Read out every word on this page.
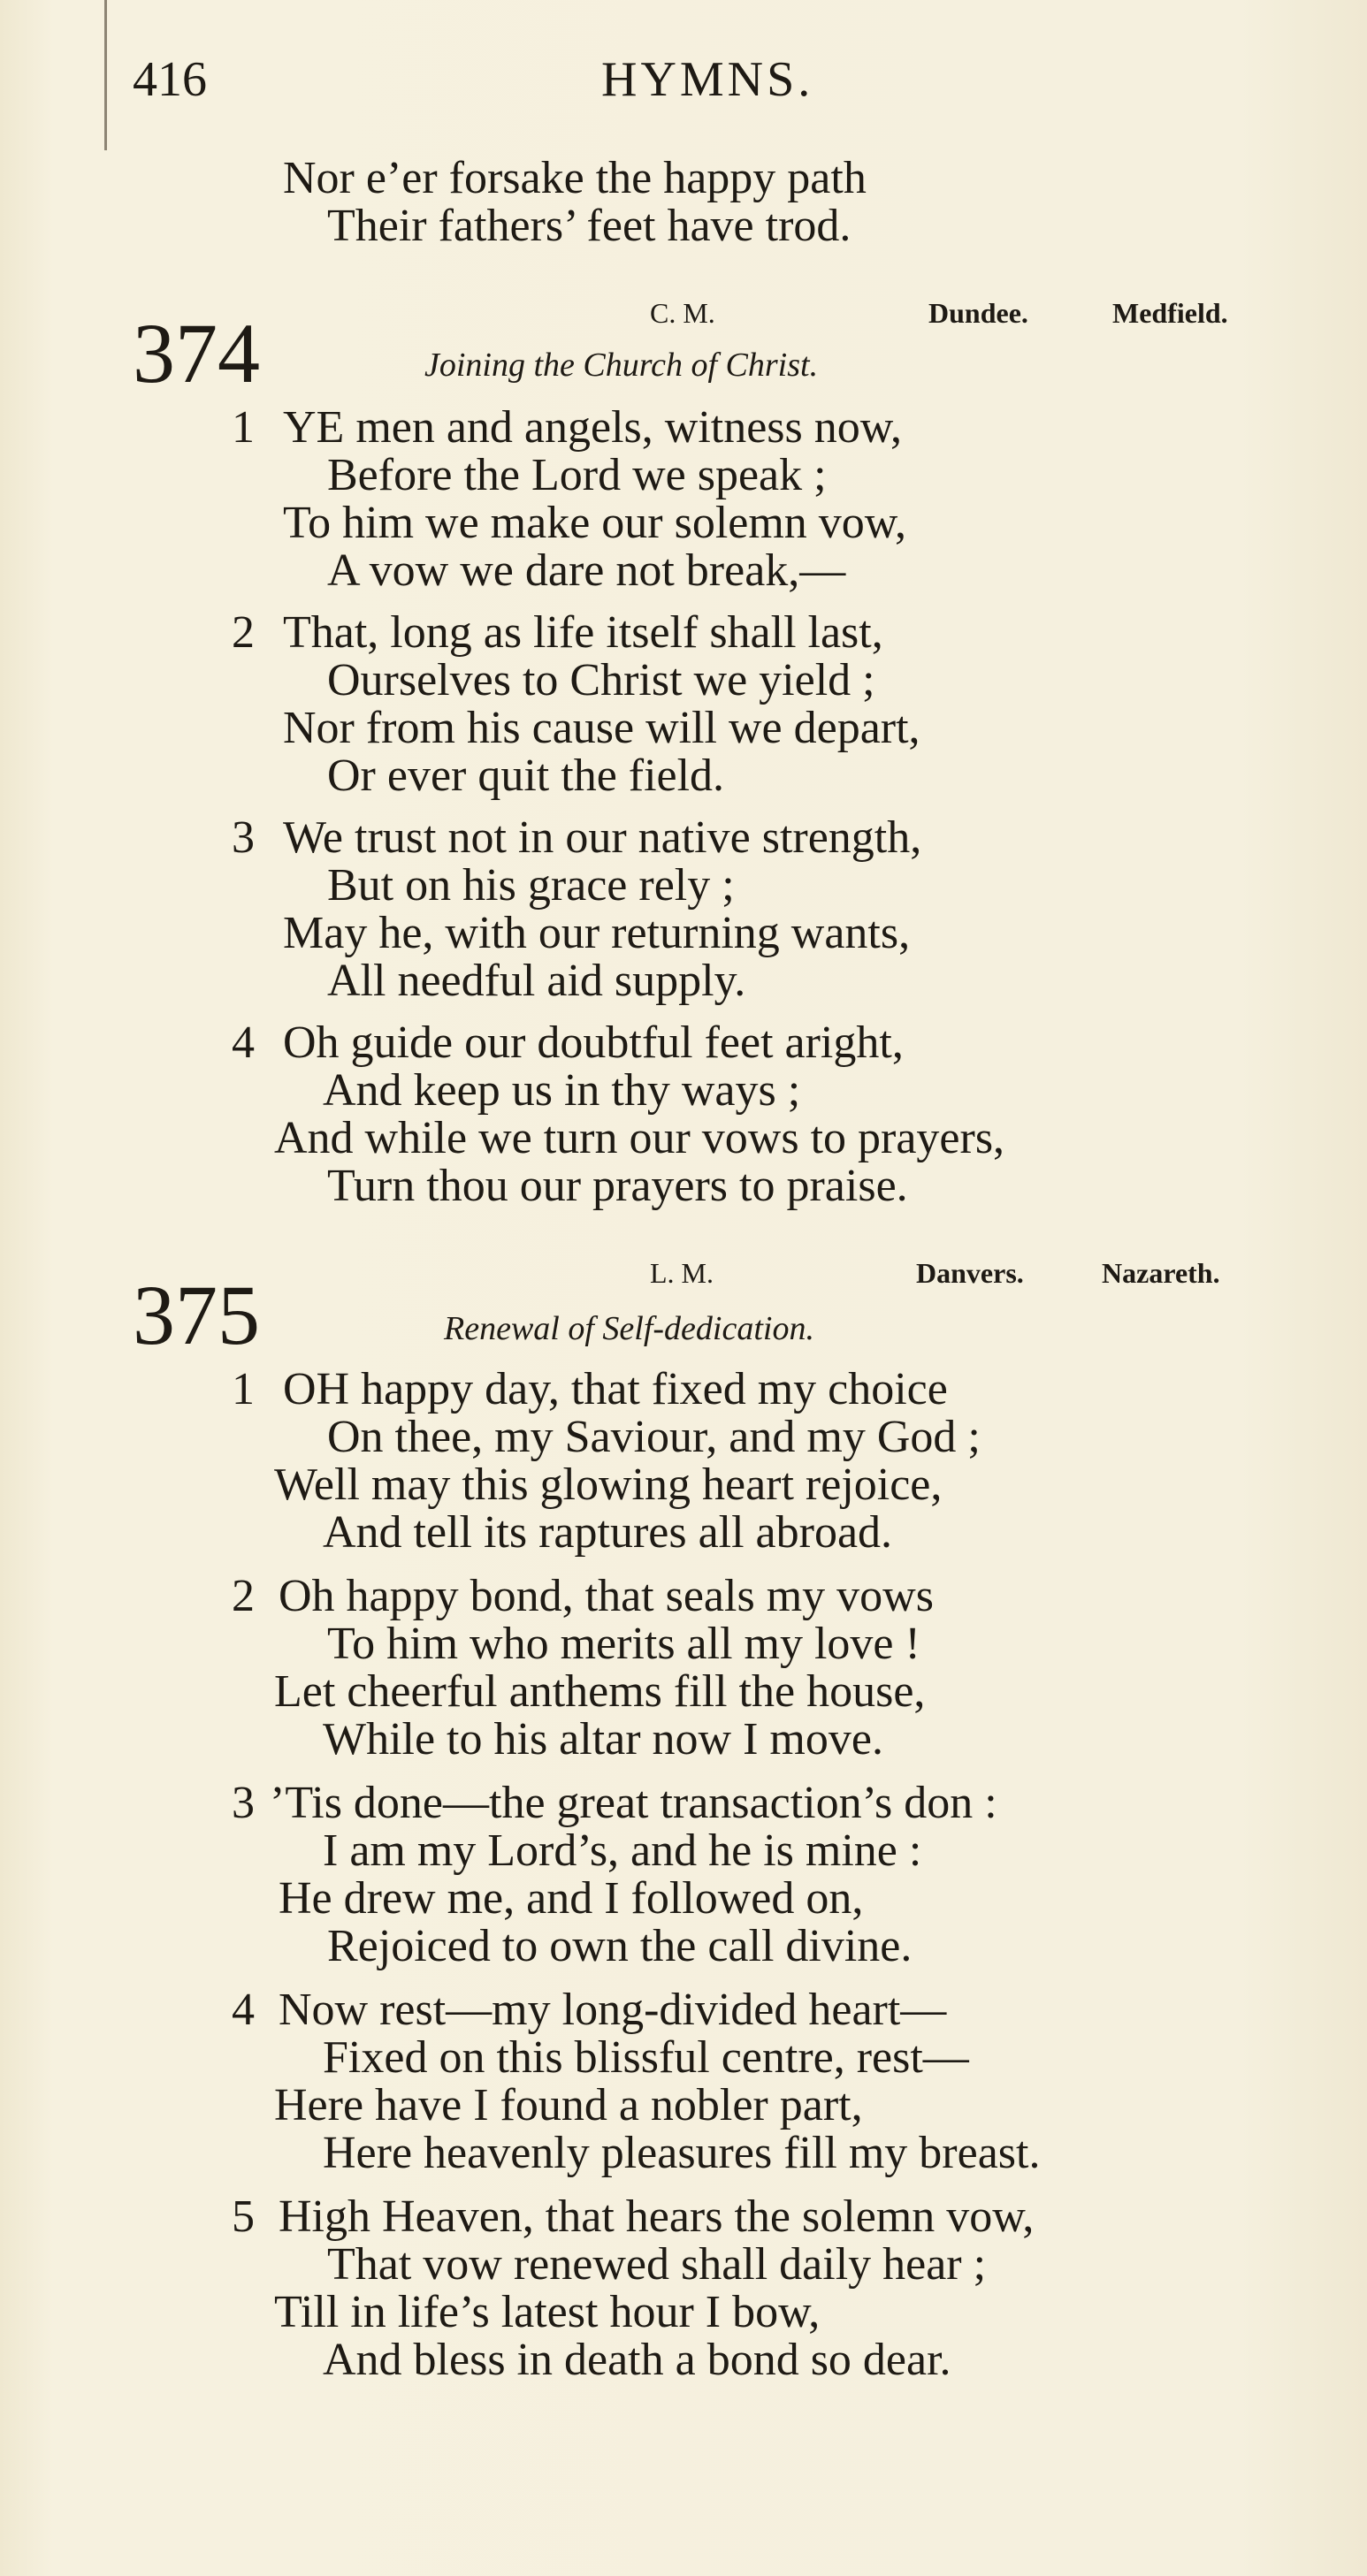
416	HYMNS.
Nor e’er forsake the happy path
Their fathers’ feet have trod.
374	C. M.	Dundee.	Medfield.
Joining the Church of Christ.
1 YE men and angels, witness now,
Before the Lord we speak ;
To him we make our solemn vow,
A vow we dare not break,—
2 That, long as life itself shall last,
Ourselves to Christ we yield ;
Nor from his cause will we depart,
Or ever quit the field.
3 We trust not in our native strength,
But on his grace rely ;
May he, with our returning wants,
All needful aid supply.
4 Oh guide our doubtful feet aright,
And keep us in thy ways ;
And while we turn our vows to prayers,
Turn thou our prayers to praise.
375	L. M.	Danvers.	Nazareth.
Renewal of Self-dedication.
1 OH happy day, that fixed my choice
On thee, my Saviour, and my God ;
Well may this glowing heart rejoice,
And tell its raptures all abroad.
2 Oh happy bond, that seals my vows
To him who merits all my love !
Let cheerful anthems fill the house,
While to his altar now I move.
3 ’Tis done—the great transaction’s don :
I am my Lord’s, and he is mine :
He drew me, and I followed on,
Rejoiced to own the call divine.
4 Now rest—my long-divided heart—
Fixed on this blissful centre, rest—
Here have I found a nobler part,
Here heavenly pleasures fill my breast.
5 High Heaven, that hears the solemn vow,
That vow renewed shall daily hear ;
Till in life’s latest hour I bow,
And bless in death a bond so dear.
